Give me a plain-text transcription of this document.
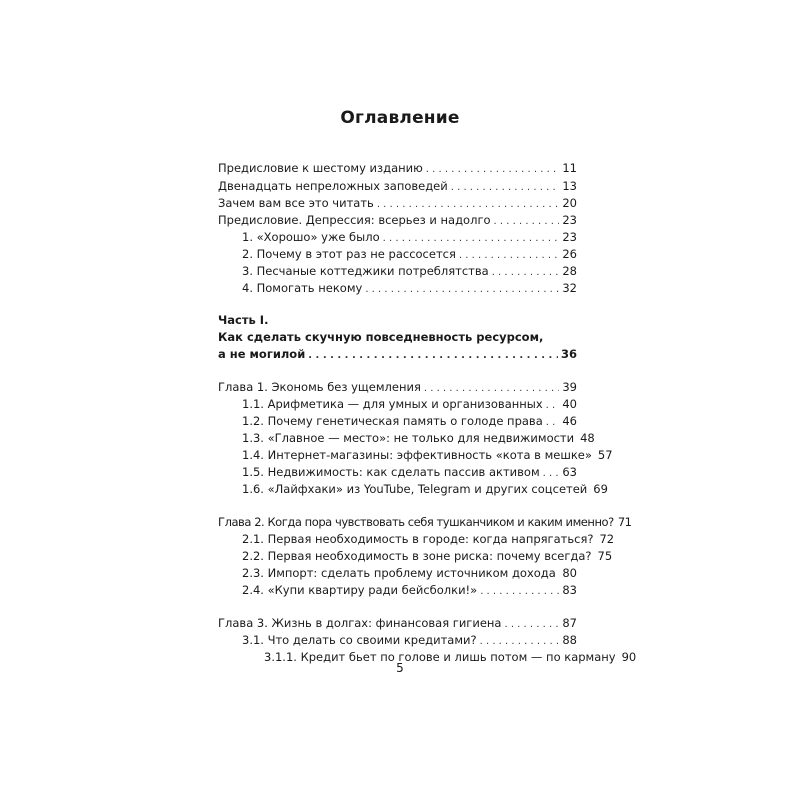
Оглавление
Предисловие к шестому изданию . . .	11
Двенадцать непреложных заповедей . . .	13
Зачем вам все это читать . . .	20
Предисловие. Депрессия: всерьез и надолго . . .	23
1. «Хорошо» уже было . . .	23
2. Почему в этот раз не рассосется . . .	26
3. Песчаные коттеджики потреблятства . . .	28
4. Помогать некому . . .	32
Часть I.
Как сделать скучную повседневность ресурсом,
а не могилой . . .	36
Глава 1. Экономь без ущемления . . .	39
1.1. Арифметика — для умных и организованных . . . 40
1.2. Почему генетическая память о голоде права . . . 46
1.3. «Главное — место»: не только для недвижимости 48
1.4. Интернет-магазины: эффективность «кота в мешке» 57
1.5. Недвижимость: как сделать пассив активом . . . 63
1.6. «Лайфхаки» из YouTube, Telegram и других соцсетей 69
Глава 2. Когда пора чувствовать себя тушканчиком и каким именно? 71
2.1. Первая необходимость в городе: когда напрягаться? 72
2.2. Первая необходимость в зоне риска: почему всегда? 75
2.3. Импорт: сделать проблему источником дохода . . . 80
2.4. «Купи квартиру ради бейсболки!» . . .	83
Глава 3. Жизнь в долгах: финансовая гигиена . . .	87
3.1. Что делать со своими кредитами? . . .	88
3.1.1. Кредит бьет по голове и лишь потом — по карману 90
5
